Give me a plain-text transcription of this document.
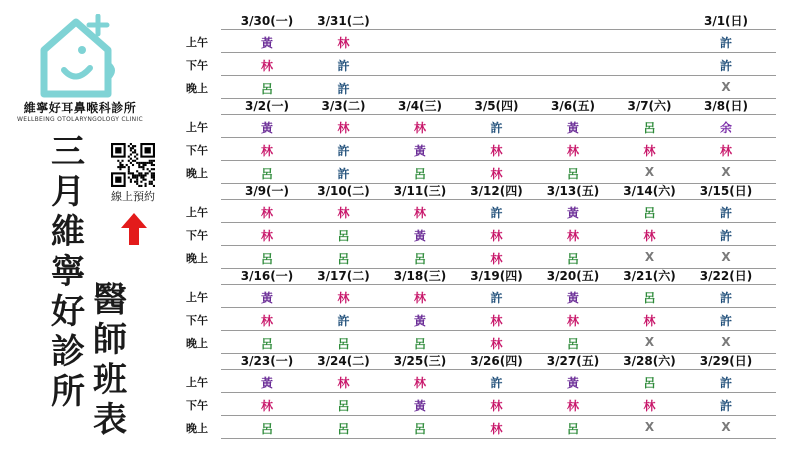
維寧好耳鼻喉科診所
WELLBEING OTOLARYNGOLOGY CLINIC
三
月
維
寧
好
診
所
醫
師
班
表
線上預約
3/30(一)	3/31(二)	3/1(日)
上午	黃	林	許
下午	林	許	許
晚上	呂	許	X
3/2(一)	3/3(二)	3/4(三)	3/5(四)	3/6(五)	3/7(六)	3/8(日)
上午	黃	林	林	許	黃	呂	余
下午	林	許	黃	林	林	林	林
晚上	呂	許	呂	林	呂	X	X
3/9(一)	3/10(二)	3/11(三)	3/12(四)	3/13(五)	3/14(六)	3/15(日)
上午	林	林	林	許	黃	呂	許
下午	林	呂	黃	林	林	林	許
晚上	呂	呂	呂	林	呂	X	X
3/16(一)	3/17(二)	3/18(三)	3/19(四)	3/20(五)	3/21(六)	3/22(日)
上午	黃	林	林	許	黃	呂	許
下午	林	許	黃	林	林	林	許
晚上	呂	呂	呂	林	呂	X	X
3/23(一)	3/24(二)	3/25(三)	3/26(四)	3/27(五)	3/28(六)	3/29(日)
上午	黃	林	林	許	黃	呂	許
下午	林	呂	黃	林	林	林	許
晚上	呂	呂	呂	林	呂	X	X
